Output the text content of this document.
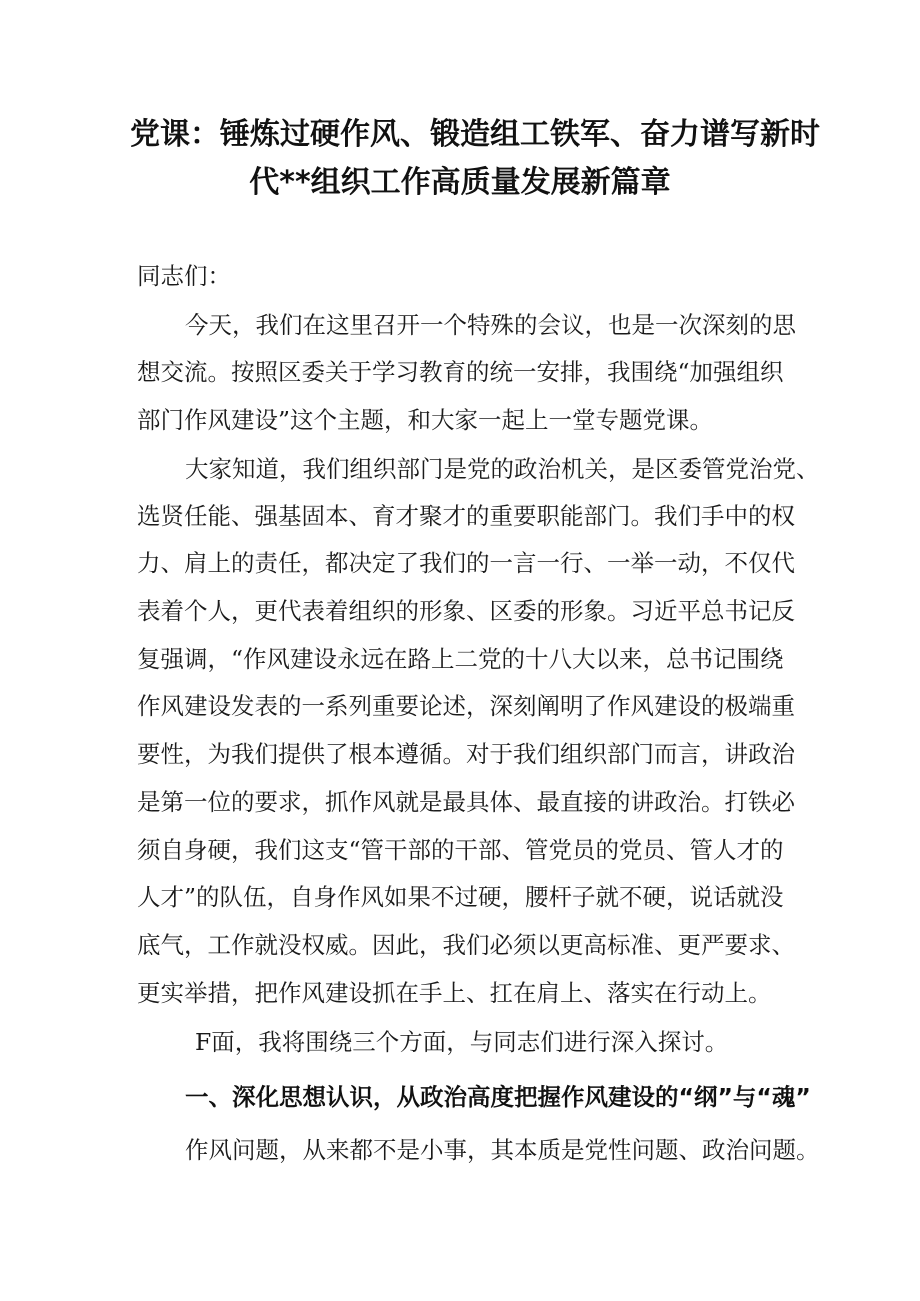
党课：锤炼过硬作风、锻造组工铁军、奋力谱写新时
代**组织工作高质量发展新篇章
同志们：
今天，我们在这里召开一个特殊的会议，也是一次深刻的思
想交流。按照区委关于学习教育的统一安排，我围绕“加强组织
部门作风建设”这个主题，和大家一起上一堂专题党课。
大家知道，我们组织部门是党的政治机关，是区委管党治党、
选贤任能、强基固本、育才聚才的重要职能部门。我们手中的权
力、肩上的责任，都决定了我们的一言一行、一举一动，不仅代
表着个人，更代表着组织的形象、区委的形象。习近平总书记反
复强调，“作风建设永远在路上二党的十八大以来，总书记围绕
作风建设发表的一系列重要论述，深刻阐明了作风建设的极端重
要性，为我们提供了根本遵循。对于我们组织部门而言，讲政治
是第一位的要求，抓作风就是最具体、最直接的讲政治。打铁必
须自身硬，我们这支“管干部的干部、管党员的党员、管人才的
人才”的队伍，自身作风如果不过硬，腰杆子就不硬，说话就没
底气，工作就没权威。因此，我们必须以更高标准、更严要求、
更实举措，把作风建设抓在手上、扛在肩上、落实在行动上。
F面，我将围绕三个方面，与同志们进行深入探讨。
一、深化思想认识，从政治高度把握作风建设的“纲”与“魂”
作风问题，从来都不是小事，其本质是党性问题、政治问题。
